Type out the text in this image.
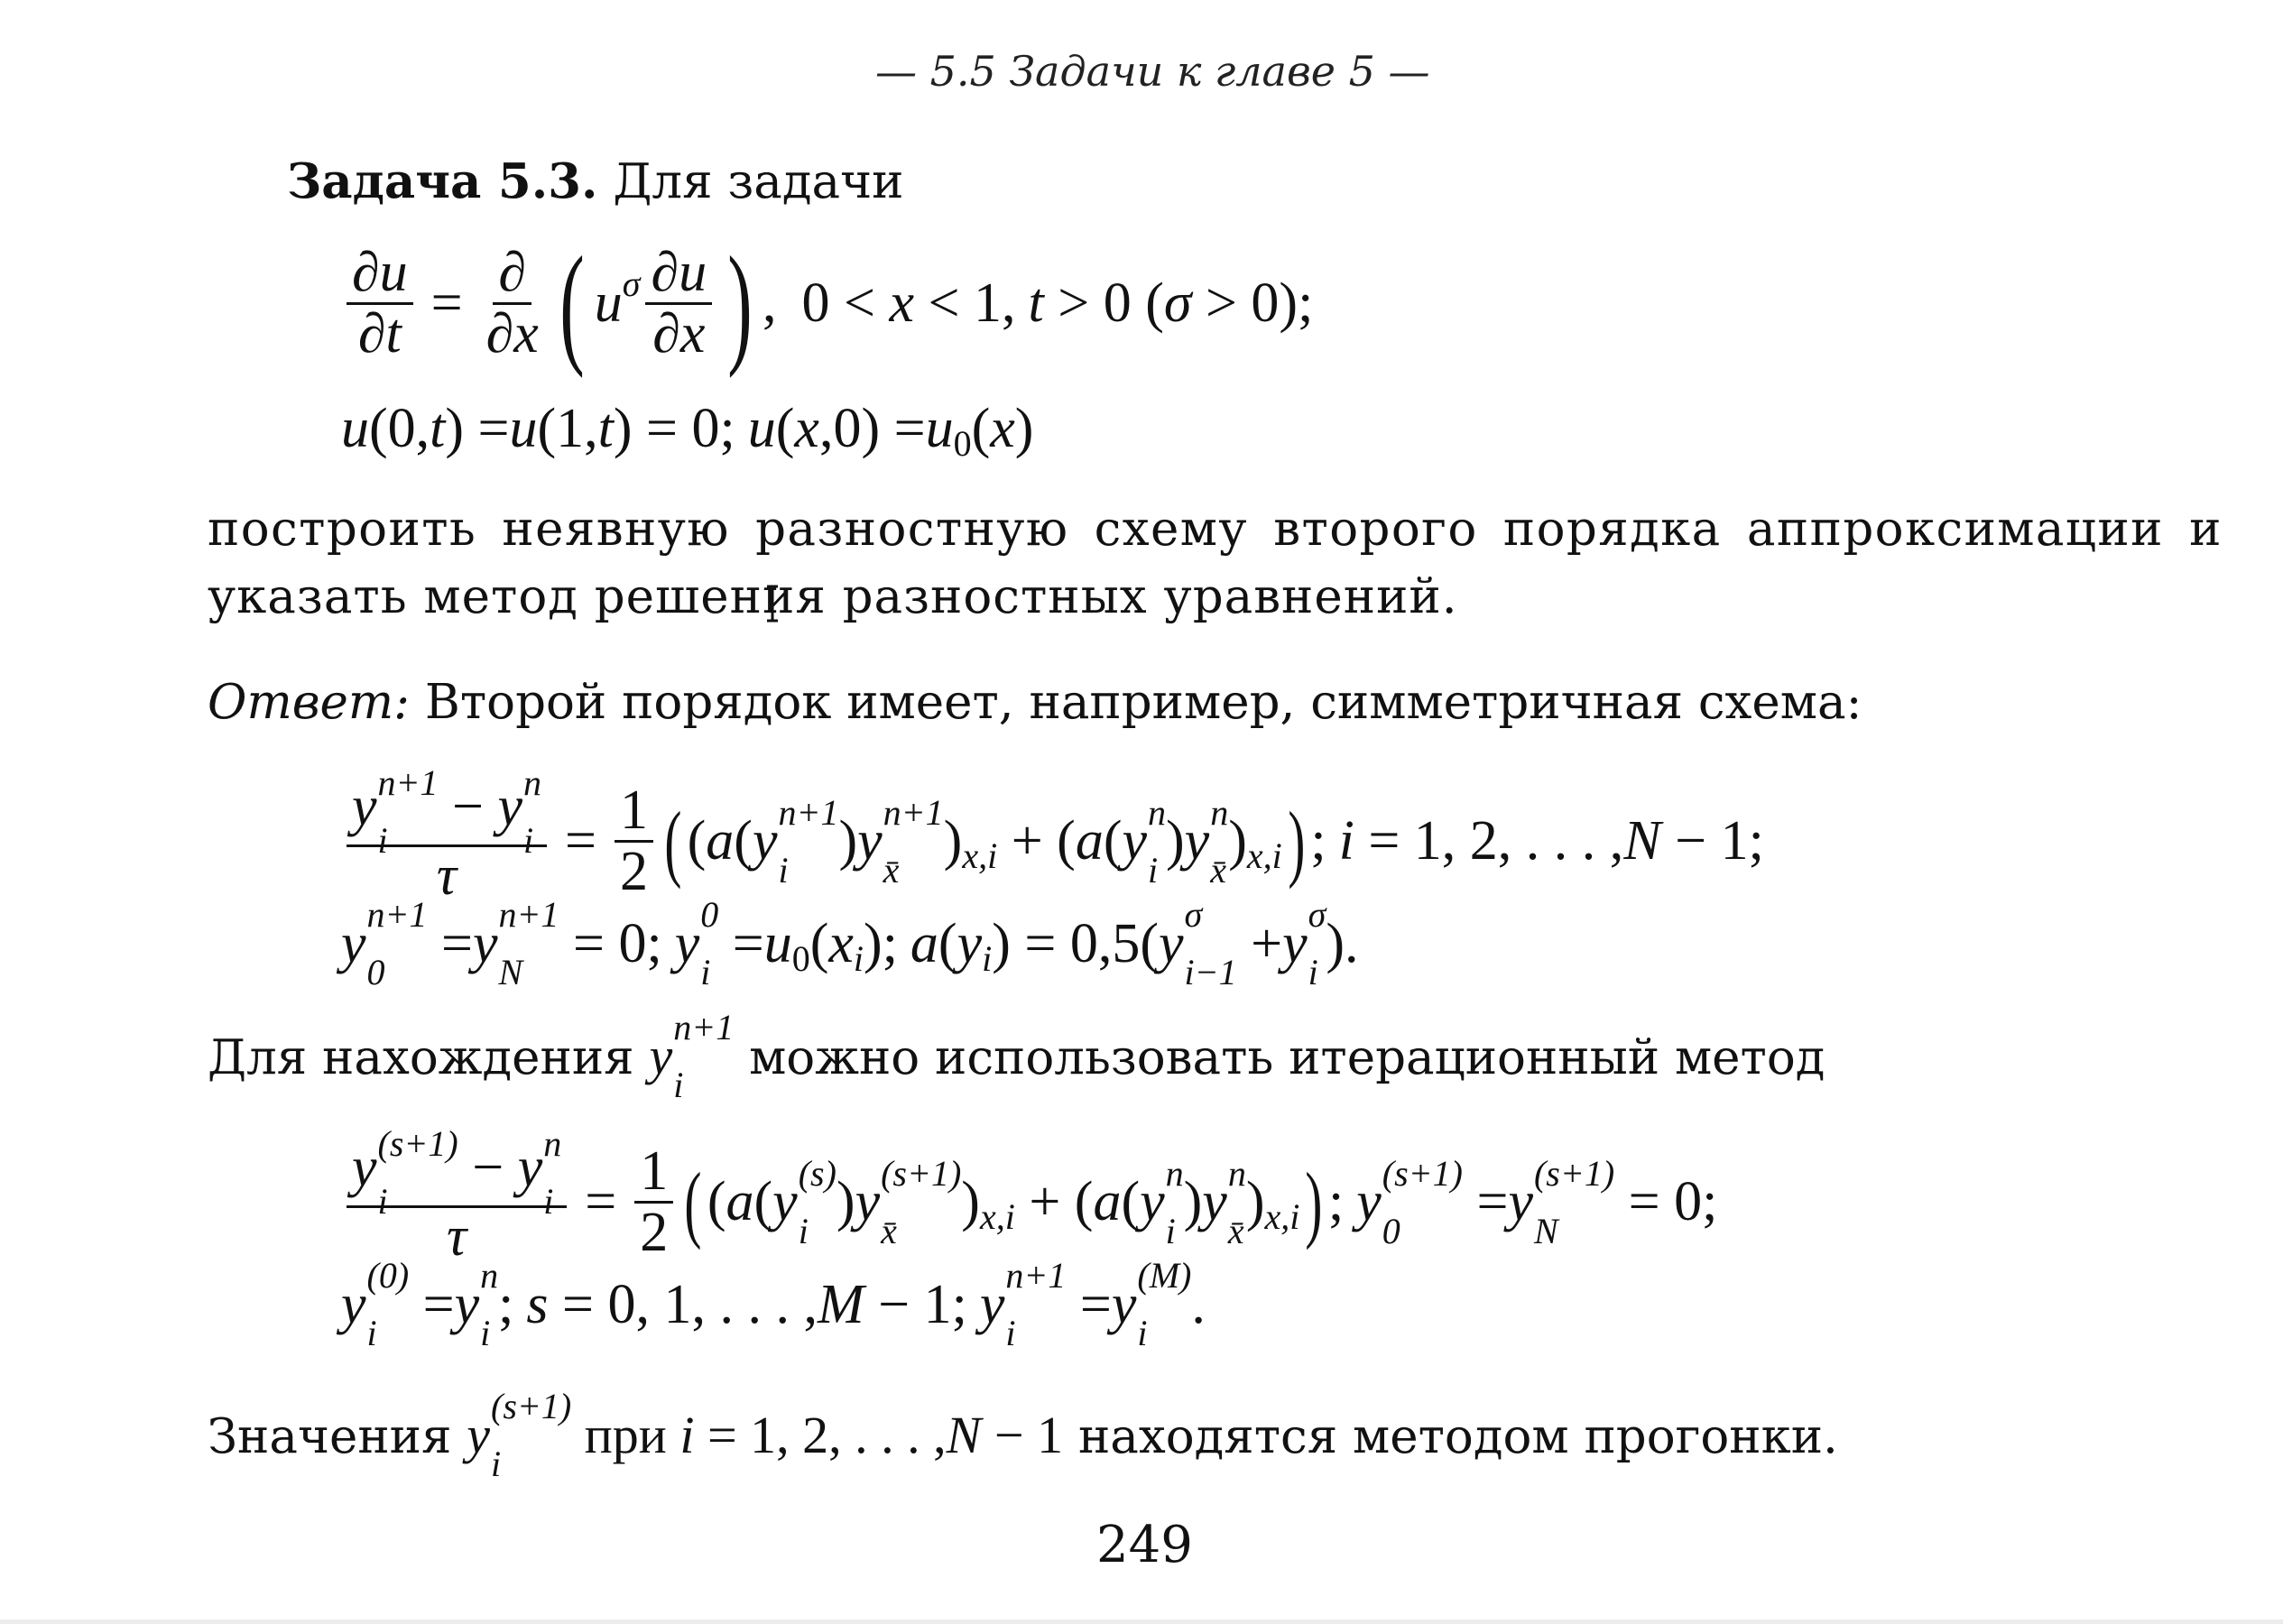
— 5.5 Задачи к главе 5 —
Задача 5.3. Для задачи
$\frac{\partial u}{\partial t} = \frac{\partial}{\partial x}$ ( u σ $\frac{\partial u}{\partial x}$ ) , 0 < x < 1, t > 0 ( σ > 0);
u (0, t ) = u (1, t ) = 0; u ( x ,0) = u 0 ( x )
построить неявную разностную схему второго порядка аппроксимации и
указать метод решения разностных уравнений.
Ответ: Второй порядок имеет, например, симметричная схема:
y n+1
i
− y n
i
$\tau = \frac{1}{2}$ ( ( a ( y n+1
i ) y n+1
x̄ ) x,i + ( a ( y n
i ) y n
x̄ ) x,i ) ; i = 1, 2, . . . , N − 1;
y n+1
0 = y n+1
N = 0; y 0
i = u 0 ( x i ); a ( y i ) = 0,5( y σ
i−1 + y σ
i ).
Для нахождения y n+1
i	можно использовать итерационный метод
y (s+1)
i
− y n
i
$\tau = \frac{1}{2}$ ( ( a ( y (s)
i ) y (s+1)
x̄	) x,i + ( a ( y n
i ) y n
x̄ ) x,i ) ; y (s+1)
0	= y (s+1)
N	= 0;
y (0)
i = y n
i ; s = 0, 1, . . . , M − 1; y n+1
i = y (M)
i .
Значения y (s+1)
i	при i = 1, 2, . . . , N − 1 находятся методом прогонки.
249
